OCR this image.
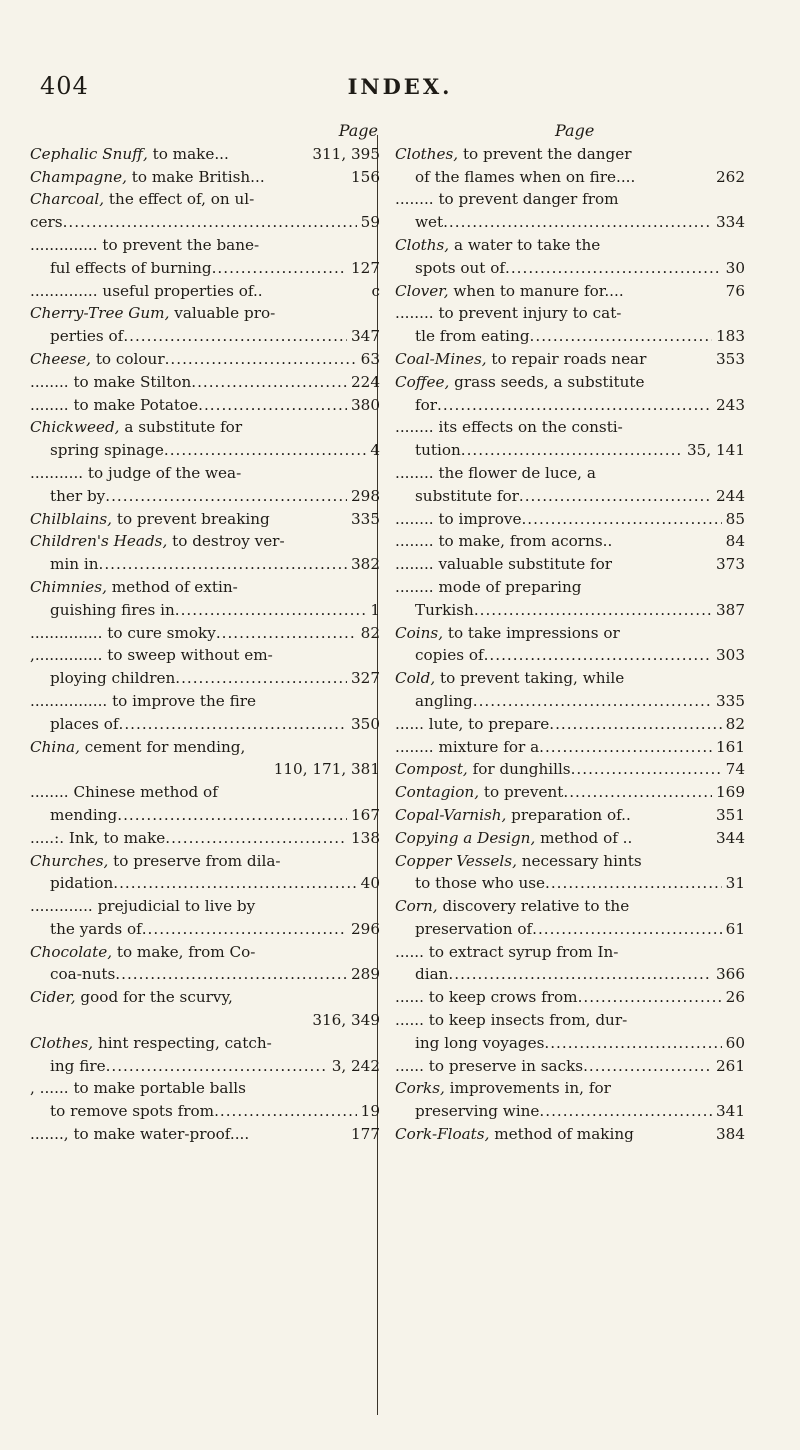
404	INDEX.
Page
Cephalic Snuff, to make...	311, 395
Champagne, to make British...	156
Charcoal, the effect of, on ul-
cers .....	59
.............. to prevent the bane-
ful effects of burning .....	127
.............. useful properties of..	c
Cherry-Tree Gum, valuable pro-
perties of .....	347
Cheese, to colour .....	63
........ to make Stilton .....	224
........ to make Potatoe .....	380
Chickweed, a substitute for
spring spinage .....	4
........... to judge of the wea-
ther by .....	298
Chilblains, to prevent breaking	335
Children's Heads, to destroy ver-
min in .....	382
Chimnies, method of extin-
guishing fires in .....	1
............... to cure smoky .....	82
,.............. to sweep without em-
ploying children .....	327
................ to improve the fire
places of .....	350
China, cement for mending,
110, 171, 381
........ Chinese method of
mending .....	167
.....:. Ink, to make .....	138
Churches, to preserve from dila-
pidation .....	40
............. prejudicial to live by
the yards of .....	296
Chocolate, to make, from Co-
coa-nuts .....	289
Cider, good for the scurvy,
316, 349
Clothes, hint respecting, catch-
ing fire .....	3, 242
, ...... to make portable balls
to remove spots from .....	19
......., to make water-proof....	177
Page
Clothes, to prevent the danger
of the flames when on fire....	262
........ to prevent danger from
wet .....	334
Cloths, a water to take the
spots out of .....	30
Clover, when to manure for....	76
........ to prevent injury to cat-
tle from eating .....	183
Coal-Mines, to repair roads near	353
Coffee, grass seeds, a substitute
for .....	243
........ its effects on the consti-
tution .....	35, 141
........ the flower de luce, a
substitute for .....	244
........ to improve .....	85
........ to make, from acorns..	84
........ valuable substitute for	373
........ mode of preparing
Turkish .....	387
Coins, to take impressions or
copies of .....	303
Cold, to prevent taking, while
angling .....	335
...... lute, to prepare .....	82
........ mixture for a .....	161
Compost, for dunghills .....	74
Contagion, to prevent .....	169
Copal-Varnish, preparation of..	351
Copying a Design, method of ..	344
Copper Vessels, necessary hints
to those who use .....	31
Corn, discovery relative to the
preservation of .....	61
...... to extract syrup from In-
dian .....	366
...... to keep crows from .....	26
...... to keep insects from, dur-
ing long voyages .....	60
...... to preserve in sacks .....	261
Corks, improvements in, for
preserving wine .....	341
Cork-Floats, method of making	384
